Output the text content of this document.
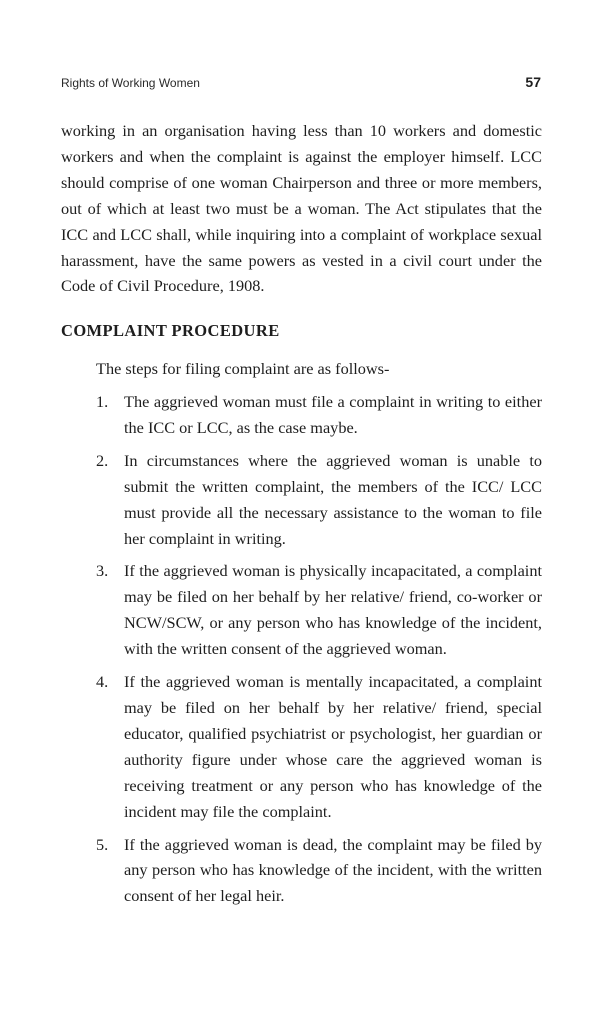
Rights of Working Women	57

working in an organisation having less than 10 workers and domestic workers and when the complaint is against the employer himself. LCC should comprise of one woman Chairperson and three or more members, out of which at least two must be a woman. The Act stipulates that the ICC and LCC shall, while inquiring into a complaint of workplace sexual harassment, have the same powers as vested in a civil court under the Code of Civil Procedure, 1908.

COMPLAINT PROCEDURE

The steps for filing complaint are as follows-

1. The aggrieved woman must file a complaint in writing to either the ICC or LCC, as the case maybe.
2. In circumstances where the aggrieved woman is unable to submit the written complaint, the members of the ICC/ LCC must provide all the necessary assistance to the woman to file her complaint in writing.
3. If the aggrieved woman is physically incapacitated, a complaint may be filed on her behalf by her relative/ friend, co-worker or NCW/SCW, or any person who has knowledge of the incident, with the written consent of the aggrieved woman.
4. If the aggrieved woman is mentally incapacitated, a complaint may be filed on her behalf by her relative/ friend, special educator, qualified psychiatrist or psychologist, her guardian or authority figure under whose care the aggrieved woman is receiving treatment or any person who has knowledge of the incident may file the complaint.
5. If the aggrieved woman is dead, the complaint may be filed by any person who has knowledge of the incident, with the written consent of her legal heir.
